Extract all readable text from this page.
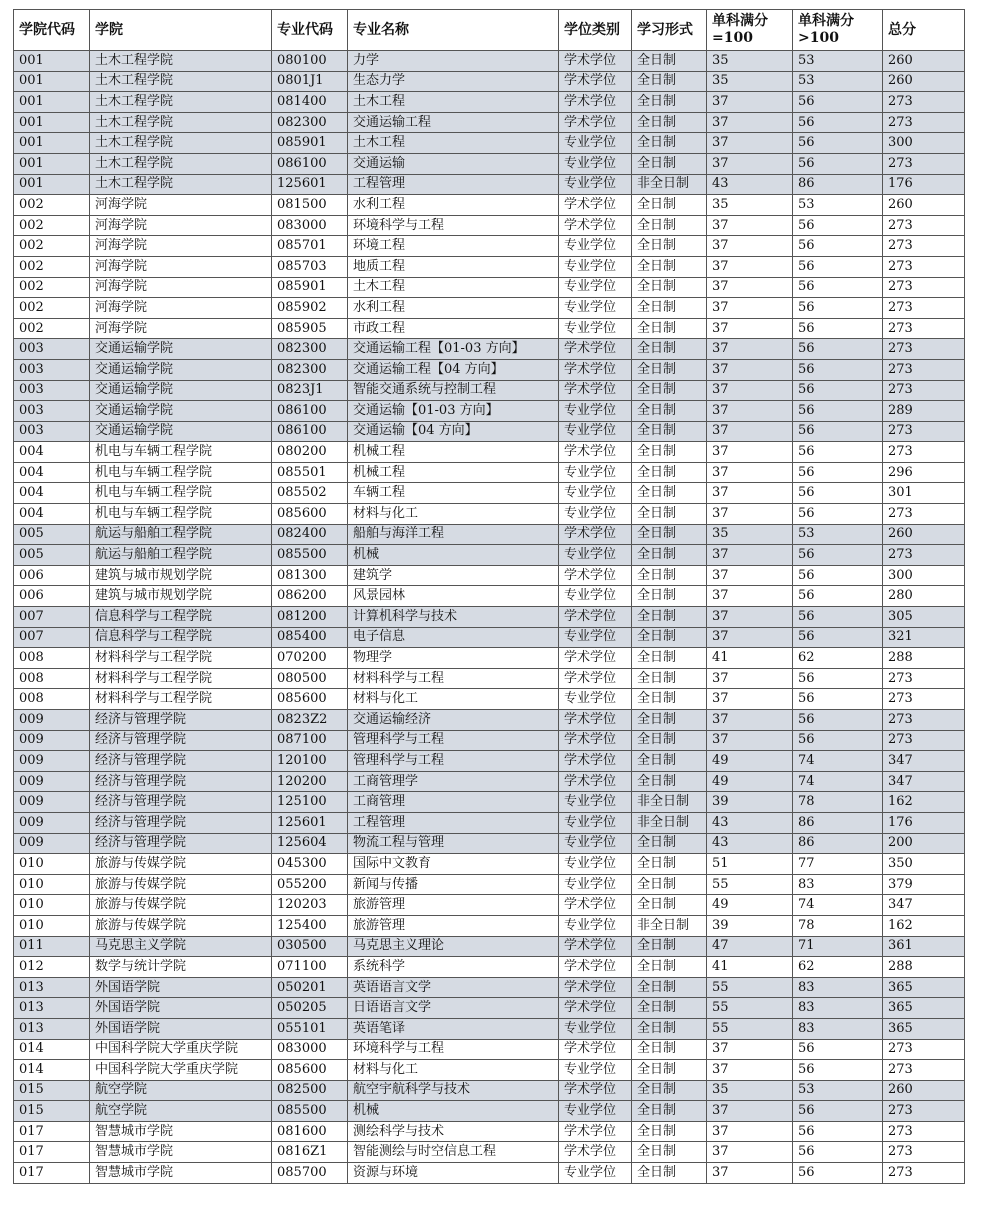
学院代码	学院	专业代码	专业名称	学位类别	学习形式	单科满分=100	单科满分>100	总分
001	土木工程学院	080100	力学	学术学位	全日制	35	53	260
001	土木工程学院	0801J1	生态力学	学术学位	全日制	35	53	260
001	土木工程学院	081400	土木工程	学术学位	全日制	37	56	273
001	土木工程学院	082300	交通运输工程	学术学位	全日制	37	56	273
001	土木工程学院	085901	土木工程	专业学位	全日制	37	56	300
001	土木工程学院	086100	交通运输	专业学位	全日制	37	56	273
001	土木工程学院	125601	工程管理	专业学位	非全日制	43	86	176
002	河海学院	081500	水利工程	学术学位	全日制	35	53	260
002	河海学院	083000	环境科学与工程	学术学位	全日制	37	56	273
002	河海学院	085701	环境工程	专业学位	全日制	37	56	273
002	河海学院	085703	地质工程	专业学位	全日制	37	56	273
002	河海学院	085901	土木工程	专业学位	全日制	37	56	273
002	河海学院	085902	水利工程	专业学位	全日制	37	56	273
002	河海学院	085905	市政工程	专业学位	全日制	37	56	273
003	交通运输学院	082300	交通运输工程【01-03 方向】	学术学位	全日制	37	56	273
003	交通运输学院	082300	交通运输工程【04 方向】	学术学位	全日制	37	56	273
003	交通运输学院	0823J1	智能交通系统与控制工程	学术学位	全日制	37	56	273
003	交通运输学院	086100	交通运输【01-03 方向】	专业学位	全日制	37	56	289
003	交通运输学院	086100	交通运输【04 方向】	专业学位	全日制	37	56	273
004	机电与车辆工程学院	080200	机械工程	学术学位	全日制	37	56	273
004	机电与车辆工程学院	085501	机械工程	专业学位	全日制	37	56	296
004	机电与车辆工程学院	085502	车辆工程	专业学位	全日制	37	56	301
004	机电与车辆工程学院	085600	材料与化工	专业学位	全日制	37	56	273
005	航运与船舶工程学院	082400	船舶与海洋工程	学术学位	全日制	35	53	260
005	航运与船舶工程学院	085500	机械	专业学位	全日制	37	56	273
006	建筑与城市规划学院	081300	建筑学	学术学位	全日制	37	56	300
006	建筑与城市规划学院	086200	风景园林	专业学位	全日制	37	56	280
007	信息科学与工程学院	081200	计算机科学与技术	学术学位	全日制	37	56	305
007	信息科学与工程学院	085400	电子信息	专业学位	全日制	37	56	321
008	材料科学与工程学院	070200	物理学	学术学位	全日制	41	62	288
008	材料科学与工程学院	080500	材料科学与工程	学术学位	全日制	37	56	273
008	材料科学与工程学院	085600	材料与化工	专业学位	全日制	37	56	273
009	经济与管理学院	0823Z2	交通运输经济	学术学位	全日制	37	56	273
009	经济与管理学院	087100	管理科学与工程	学术学位	全日制	37	56	273
009	经济与管理学院	120100	管理科学与工程	学术学位	全日制	49	74	347
009	经济与管理学院	120200	工商管理学	学术学位	全日制	49	74	347
009	经济与管理学院	125100	工商管理	专业学位	非全日制	39	78	162
009	经济与管理学院	125601	工程管理	专业学位	非全日制	43	86	176
009	经济与管理学院	125604	物流工程与管理	专业学位	全日制	43	86	200
010	旅游与传媒学院	045300	国际中文教育	专业学位	全日制	51	77	350
010	旅游与传媒学院	055200	新闻与传播	专业学位	全日制	55	83	379
010	旅游与传媒学院	120203	旅游管理	学术学位	全日制	49	74	347
010	旅游与传媒学院	125400	旅游管理	专业学位	非全日制	39	78	162
011	马克思主义学院	030500	马克思主义理论	学术学位	全日制	47	71	361
012	数学与统计学院	071100	系统科学	学术学位	全日制	41	62	288
013	外国语学院	050201	英语语言文学	学术学位	全日制	55	83	365
013	外国语学院	050205	日语语言文学	学术学位	全日制	55	83	365
013	外国语学院	055101	英语笔译	专业学位	全日制	55	83	365
014	中国科学院大学重庆学院	083000	环境科学与工程	学术学位	全日制	37	56	273
014	中国科学院大学重庆学院	085600	材料与化工	专业学位	全日制	37	56	273
015	航空学院	082500	航空宇航科学与技术	学术学位	全日制	35	53	260
015	航空学院	085500	机械	专业学位	全日制	37	56	273
017	智慧城市学院	081600	测绘科学与技术	学术学位	全日制	37	56	273
017	智慧城市学院	0816Z1	智能测绘与时空信息工程	学术学位	全日制	37	56	273
017	智慧城市学院	085700	资源与环境	专业学位	全日制	37	56	273
